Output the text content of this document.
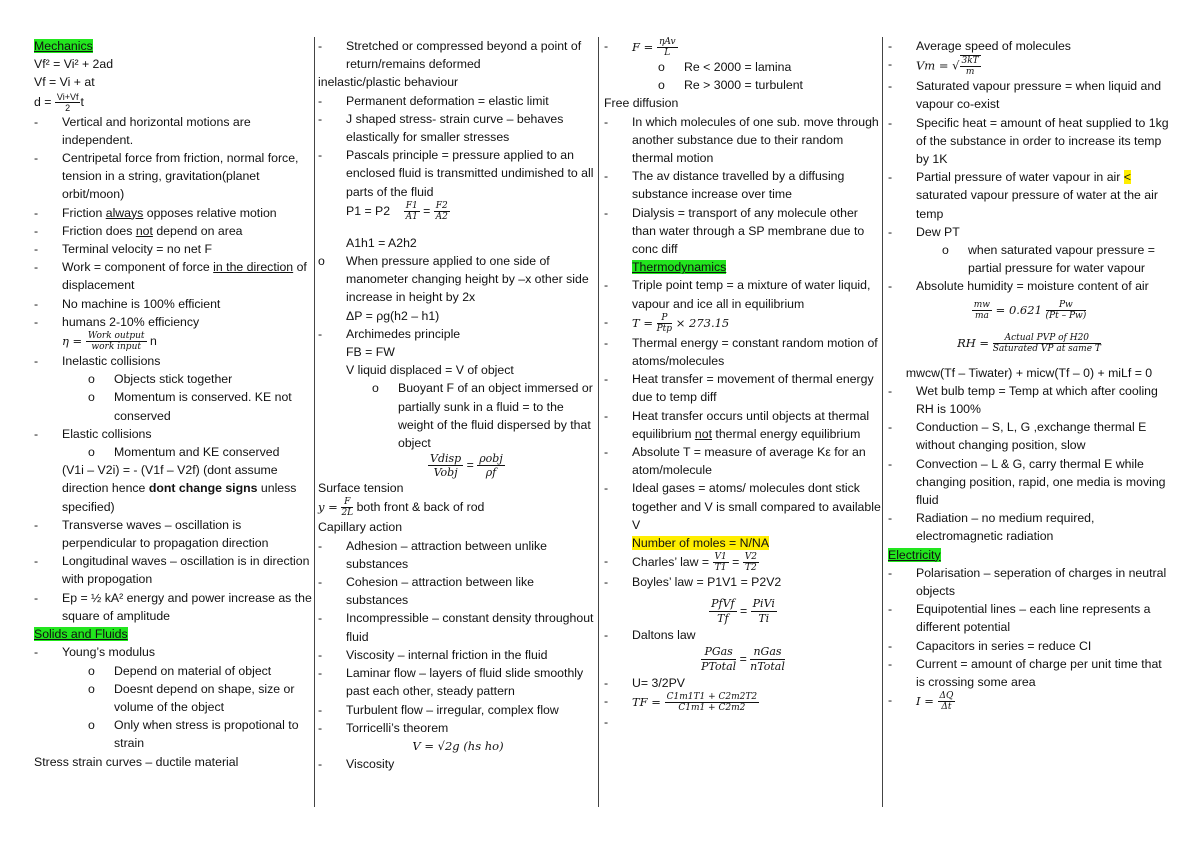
Mechanics
Vf² = Vi² + 2ad
Vf = Vi + at
$d = \frac{Vi+Vf}{2}$ t
- Vertical and horizontal motions are independent.
- Centripetal force from friction, normal force, tension in a string, gravitation(planet orbit/moon)
- Friction always opposes relative motion
- Friction does not depend on area
- Terminal velocity = no net F
- Work = component of force in the direction of displacement
- No machine is 100% efficient
- humans 2-10% efficiency
$\eta = \frac{\text{Work output}}{\text{work input}}$ n
- Inelastic collisions
o Objects stick together
o Momentum is conserved. KE not conserved
- Elastic collisions
o Momentum and KE conserved
(V1i – V2i) = - (V1f – V2f) (dont assume direction hence dont change signs unless specified)
- Transverse waves – oscillation is perpendicular to propagation direction
- Longitudinal waves – oscillation is in direction with propogation
- Ep = ½ kA² energy and power increase as the square of amplitude
Solids and Fluids
- Young’s modulus
o Depend on material of object
o Doesnt depend on shape, size or volume of the object
o Only when stress is propotional to strain
Stress strain curves – ductile material
- Stretched or compressed beyond a point of return/remains deformed
inelastic/plastic behaviour
- Permanent deformation = elastic limit
- J shaped stress- strain curve – behaves elastically for smaller stresses
- Pascals principle = pressure applied to an enclosed fluid is transmitted undimished to all parts of the fluid
$P1 = P2 \frac{F1}{A1} = \frac{F2}{A2}$
A1h1 = A2h2
o When pressure applied to one side of manometer changing height by –x other side increase in height by 2x
ΔP = ρg(h2 – h1)
- Archimedes principle
FB = FW
V liquid displaced = V of object
o Buoyant F of an object immersed or partially sunk in a fluid = to the weight of the fluid dispersed by that object
$\frac{\text{Vdisp}}{\text{Vobj}} = \frac{\text{ρobj}}{\rho f}$
Surface tension
$y = \frac{F}{2L}$ both front & back of rod
Capillary action
- Adhesion – attraction between unlike substances
- Cohesion – attraction between like substances
- Incompressible – constant density throughout fluid
- Viscosity – internal friction in the fluid
- Laminar flow – layers of fluid slide smoothly past each other, steady pattern
- Turbulent flow – irregular, complex flow
- Torricelli’s theorem
V = √2g (hs ho)
- Viscosity
- $F = \frac{\text{ηAv}}{L}$
o Re < 2000 = lamina
o Re > 3000 = turbulent
Free diffusion
- In which molecules of one sub. move through another substance due to their random thermal motion
- The av distance travelled by a diffusing substance increase over time
- Dialysis = transport of any molecule other than water through a SP membrane due to conc diff
Thermodynamics
- Triple point temp = a mixture of water liquid, vapour and ice all in equilibrium
- $T = \frac{P}{\text{Ptp}} \times 273.15$
- Thermal energy = constant random motion of atoms/molecules
- Heat transfer = movement of thermal energy due to temp diff
- Heat transfer occurs until objects at thermal equilibrium not thermal energy equilibrium
- Absolute T = measure of average Kε for an atom/molecule
- Ideal gases = atoms/ molecules dont stick together and V is small compared to available V
Number of moles = N/NA
- Charles’ law = $\frac{V1}{T1} = \frac{V2}{T2}$
- Boyles’ law = P1V1 = P2V2
$\frac{\text{PfVf}}{Tf} = \frac{\text{PiVi}}{Ti}$
- Daltons law
$\frac{\text{PGas}}{\text{PTotal}} = \frac{\text{nGas}}{\text{nTotal}}$
- U= 3/2PV
- TF = $\frac{C1m1T1 + C2m2T2}{C1m1 + C2m2}$
-
- Average speed of molecules
- Vm = √ $\frac{3kT}{m}$
- Saturated vapour pressure = when liquid and vapour co-exist
- Specific heat = amount of heat supplied to 1kg of the substance in order to increase its temp by 1K
- Partial pressure of water vapour in air < saturated vapour pressure of water at the air temp
- Dew PT
o when saturated vapour pressure = partial pressure for water vapour
- Absolute humidity = moisture content of air
$\frac{mw}{ma} = 0.621 \frac{Pw}{(Pt - Pw)}$
RH = $\frac{\text{Actual PVP of H20}}{\text{Saturated VP at same T}}$
mwcw(Tf – Tiwater) + micw(Tf – 0) + miLf = 0
- Wet bulb temp = Temp at which after cooling RH is 100%
- Conduction – S, L, G ,exchange thermal E without changing position, slow
- Convection – L & G, carry thermal E while changing position, rapid, one media is moving fluid
- Radiation – no medium required, electromagnetic radiation
Electricity
- Polarisation – seperation of charges in neutral objects
- Equipotential lines – each line represents a different potential
- Capacitors in series = reduce CI
- Current = amount of charge per unit time that is crossing some area
- $I = \frac{\Delta Q}{\Delta t}$
